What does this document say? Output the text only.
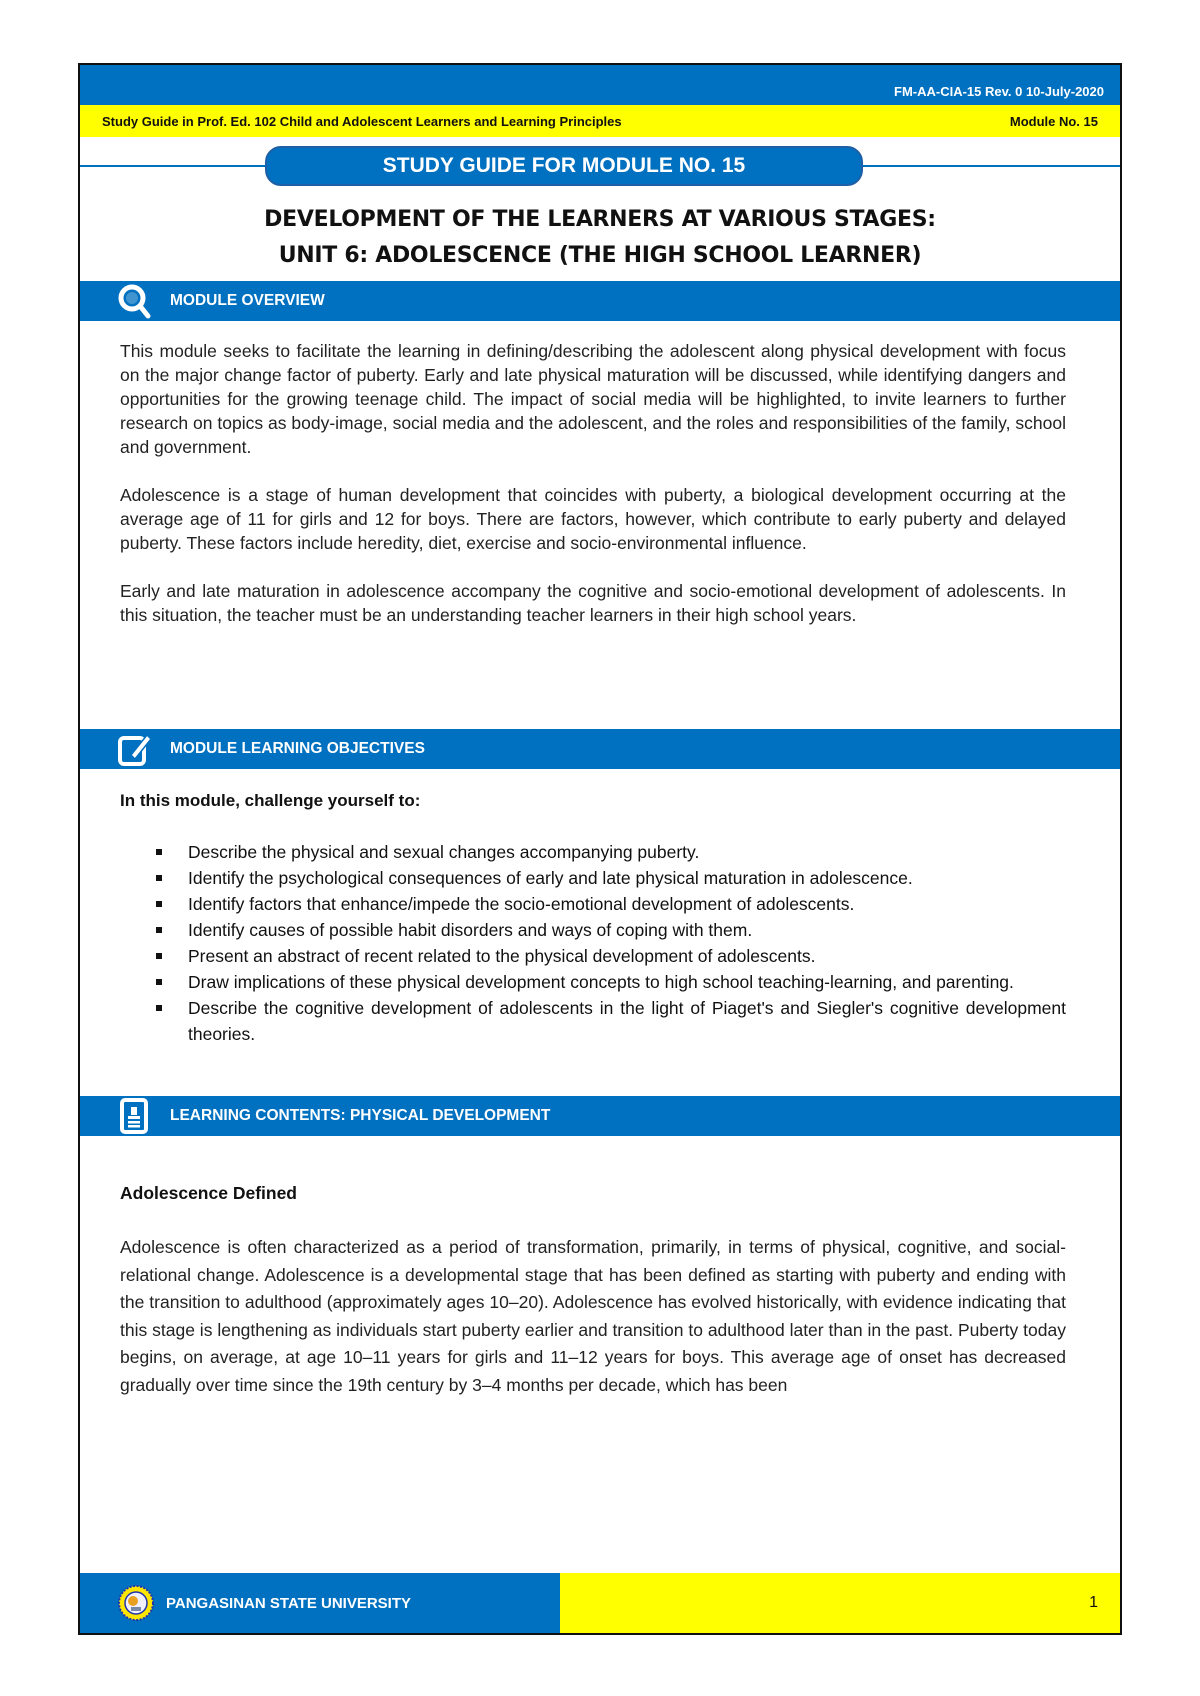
FM-AA-CIA-15 Rev. 0 10-July-2020
Study Guide in Prof. Ed. 102 Child and Adolescent Learners and Learning Principles	Module No. 15
STUDY GUIDE FOR MODULE NO. 15
DEVELOPMENT OF THE LEARNERS AT VARIOUS STAGES:
UNIT 6: ADOLESCENCE (THE HIGH SCHOOL LEARNER)
MODULE OVERVIEW

This module seeks to facilitate the learning in defining/describing the adolescent along physical development with focus on the major change factor of puberty. Early and late physical maturation will be discussed, while identifying dangers and opportunities for the growing teenage child. The impact of social media will be highlighted, to invite learners to further research on topics as body-image, social media and the adolescent, and the roles and responsibilities of the family, school and government.

Adolescence is a stage of human development that coincides with puberty, a biological development occurring at the average age of 11 for girls and 12 for boys. There are factors, however, which contribute to early puberty and delayed puberty. These factors include heredity, diet, exercise and socio-environmental influence.

Early and late maturation in adolescence accompany the cognitive and socio-emotional development of adolescents. In this situation, the teacher must be an understanding teacher learners in their high school years.

MODULE LEARNING OBJECTIVES
In this module, challenge yourself to:
Describe the physical and sexual changes accompanying puberty.
Identify the psychological consequences of early and late physical maturation in adolescence.
Identify factors that enhance/impede the socio-emotional development of adolescents.
Identify causes of possible habit disorders and ways of coping with them.
Present an abstract of recent related to the physical development of adolescents.
Draw implications of these physical development concepts to high school teaching-learning, and parenting.
Describe the cognitive development of adolescents in the light of Piaget's and Siegler's cognitive development theories.
LEARNING CONTENTS: PHYSICAL DEVELOPMENT
Adolescence Defined

Adolescence is often characterized as a period of transformation, primarily, in terms of physical, cognitive, and social-relational change. Adolescence is a developmental stage that has been defined as starting with puberty and ending with the transition to adulthood (approximately ages 10–20). Adolescence has evolved historically, with evidence indicating that this stage is lengthening as individuals start puberty earlier and transition to adulthood later than in the past. Puberty today begins, on average, at age 10–11 years for girls and 11–12 years for boys. This average age of onset has decreased gradually over time since the 19th century by 3–4 months per decade, which has been

PANGASINAN STATE UNIVERSITY	1
